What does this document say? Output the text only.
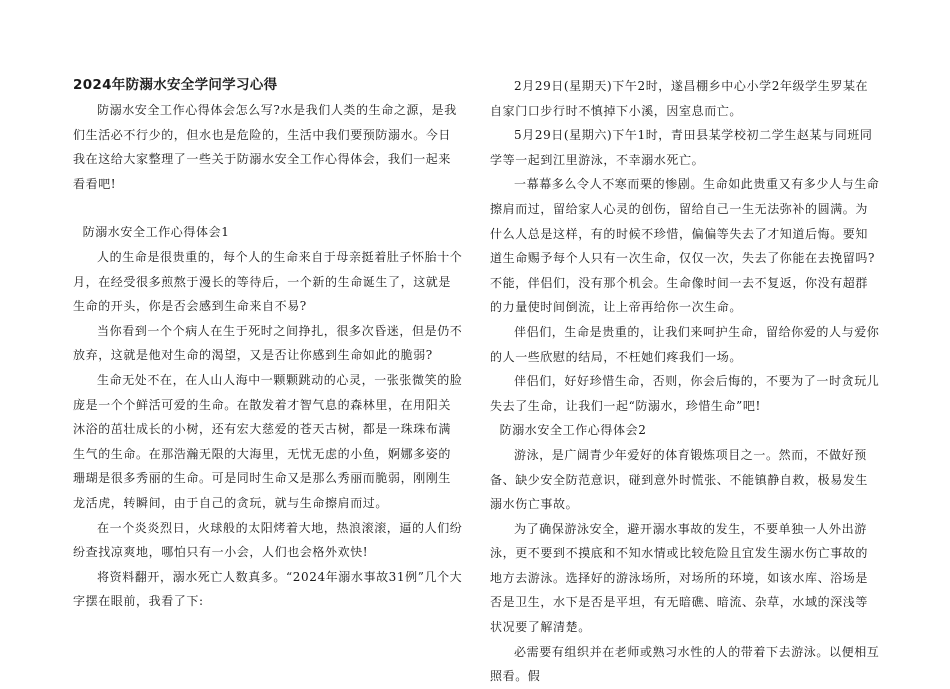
2024年防溺水安全学问学习心得

防溺水安全工作心得体会怎么写?水是我们人类的生命之源，是我们生活必不行少的，但水也是危险的，生活中我们要预防溺水。今日我在这给大家整理了一些关于防溺水安全工作心得体会，我们一起来看看吧!

防溺水安全工作心得体会1

人的生命是很贵重的，每个人的生命来自于母亲挺着肚子怀胎十个月，在经受很多煎熬于漫长的等待后，一个新的生命诞生了，这就是生命的开头，你是否会感到生命来自不易?

当你看到一个个病人在生于死时之间挣扎，很多次昏迷，但是仍不放弃，这就是他对生命的渴望，又是否让你感到生命如此的脆弱?

生命无处不在，在人山人海中一颗颗跳动的心灵，一张张微笑的脸庞是一个个鲜活可爱的生命。在散发着才智气息的森林里，在用阳关沐浴的茁壮成长的小树，还有宏大慈爱的苍天古树，都是一珠珠布满生气的生命。在那浩瀚无限的大海里，无忧无虑的小鱼，婀娜多姿的珊瑚是很多秀丽的生命。可是同时生命又是那么秀丽而脆弱，刚刚生龙活虎，转瞬间，由于自己的贪玩，就与生命擦肩而过。

在一个炎炎烈日，火球般的太阳烤着大地，热浪滚滚，逼的人们纷纷查找凉爽地，哪怕只有一小会，人们也会格外欢快!

将资料翻开，溺水死亡人数真多。“2024年溺水事故31例”几个大字摆在眼前，我看了下:

2月29日(星期天)下午2时，遂昌棚乡中心小学2年级学生罗某在自家门口步行时不慎掉下小溪，因室息而亡。

5月29日(星期六)下午1时，青田县某学校初二学生赵某与同班同学等一起到江里游泳，不幸溺水死亡。

一幕幕多么令人不寒而栗的惨剧。生命如此贵重又有多少人与生命擦肩而过，留给家人心灵的创伤，留给自己一生无法弥补的圆满。为什么人总是这样，有的时候不珍惜，偏偏等失去了才知道后悔。要知道生命赐予每个人只有一次生命，仅仅一次，失去了你能在去挽留吗?不能，伴侣们，没有那个机会。生命像时间一去不复返，你没有超群的力量使时间倒流，让上帝再给你一次生命。

伴侣们，生命是贵重的，让我们来呵护生命，留给你爱的人与爱你的人一些欣慰的结局，不枉她们疼我们一场。

伴侣们，好好珍惜生命，否则，你会后悔的，不要为了一时贪玩儿失去了生命，让我们一起“防溺水，珍惜生命”吧!

防溺水安全工作心得体会2

游泳，是广阔青少年爱好的体育锻炼项目之一。然而，不做好预备、缺少安全防范意识，碰到意外时慌张、不能镇静自救，极易发生溺水伤亡事故。

为了确保游泳安全，避开溺水事故的发生，不要单独一人外出游泳，更不要到不摸底和不知水情或比较危险且宜发生溺水伤亡事故的地方去游泳。选择好的游泳场所，对场所的环境，如该水库、浴场是否是卫生，水下是否是平坦，有无暗礁、暗流、杂草，水域的深浅等状况要了解清楚。

必需要有组织并在老师或熟习水性的人的带着下去游泳。以便相互照看。假
